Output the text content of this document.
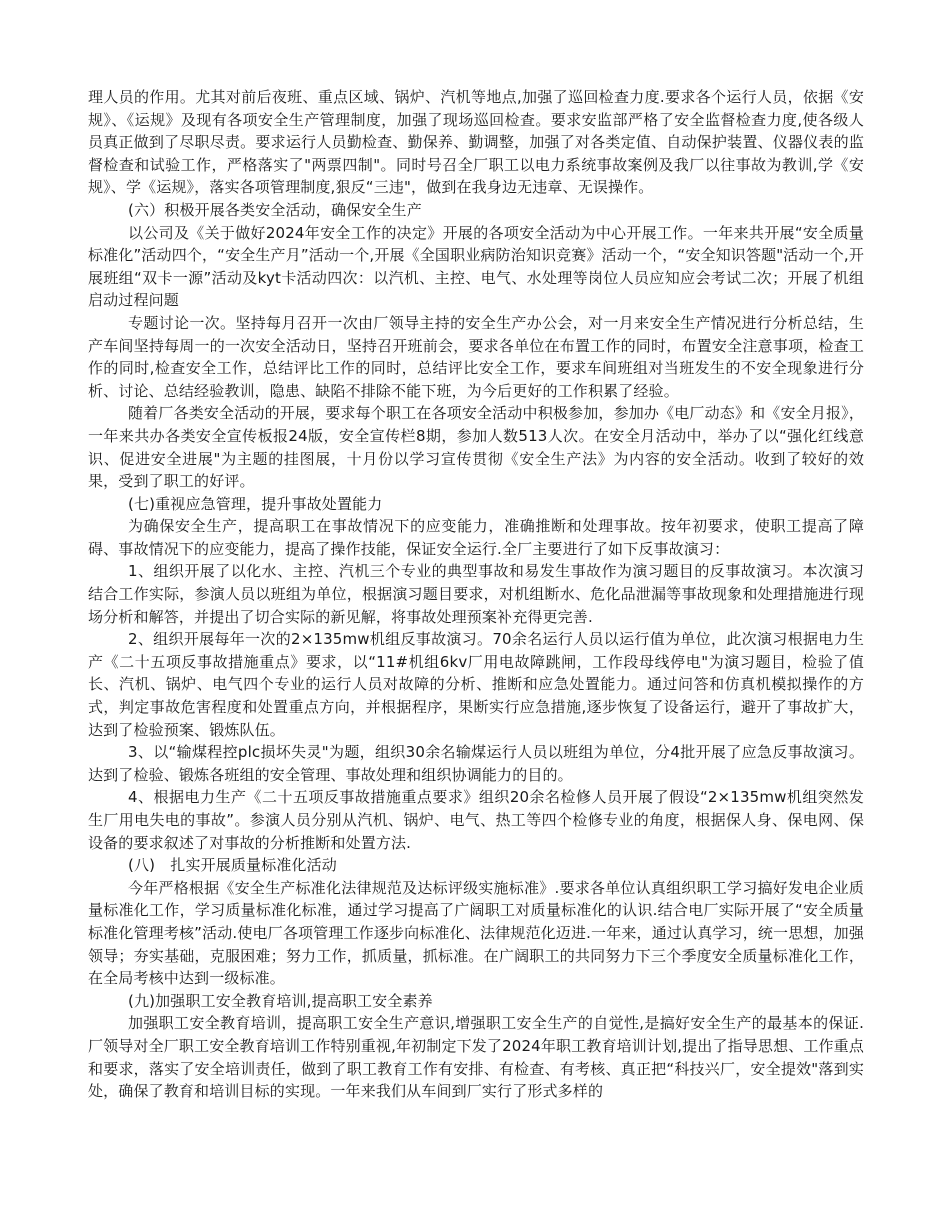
理人员的作用。尤其对前后夜班、重点区域、锅炉、汽机等地点,加强了巡回检查力度.要求各个运行人员，依据《安规》、《运规》及现有各项安全生产管理制度，加强了现场巡回检查。要求安监部严格了安全监督检查力度,使各级人员真正做到了尽职尽责。要求运行人员勤检查、勤保养、勤调整，加强了对各类定值、自动保护装置、仪器仪表的监督检查和试验工作，严格落实了"两票四制"。同时号召全厂职工以电力系统事故案例及我厂以往事故为教训,学《安规》、学《运规》，落实各项管理制度,狠反“三违"，做到在我身边无违章、无误操作。

(六）积极开展各类安全活动，确保安全生产

以公司及《关于做好2024年安全工作的决定》开展的各项安全活动为中心开展工作。一年来共开展“安全质量标准化”活动四个，“安全生产月”活动一个,开展《全国职业病防治知识竞赛》活动一个，“安全知识答题"活动一个,开展班组“双卡一源”活动及kyt卡活动四次：以汽机、主控、电气、水处理等岗位人员应知应会考试二次；开展了机组启动过程问题

专题讨论一次。坚持每月召开一次由厂领导主持的安全生产办公会，对一月来安全生产情况进行分析总结，生产车间坚持每周一的一次安全活动日，坚持召开班前会，要求各单位在布置工作的同时，布置安全注意事项，检查工作的同时,检查安全工作，总结评比工作的同时，总结评比安全工作，要求车间班组对当班发生的不安全现象进行分析、讨论、总结经验教训，隐患、缺陷不排除不能下班，为今后更好的工作积累了经验。

随着厂各类安全活动的开展，要求每个职工在各项安全活动中积极参加，参加办《电厂动态》和《安全月报》，一年来共办各类安全宣传板报24版，安全宣传栏8期，参加人数513人次。在安全月活动中，举办了以“强化红线意识、促进安全进展"为主题的挂图展，十月份以学习宣传贯彻《安全生产法》为内容的安全活动。收到了较好的效果，受到了职工的好评。

(七)重视应急管理，提升事故处置能力

为确保安全生产，提高职工在事故情况下的应变能力，准确推断和处理事故。按年初要求，使职工提高了障碍、事故情况下的应变能力，提高了操作技能，保证安全运行.全厂主要进行了如下反事故演习：

1、组织开展了以化水、主控、汽机三个专业的典型事故和易发生事故作为演习题目的反事故演习。本次演习结合工作实际，参演人员以班组为单位，根据演习题目要求，对机组断水、危化品泄漏等事故现象和处理措施进行现场分析和解答，并提出了切合实际的新见解，将事故处理预案补充得更完善.

2、组织开展每年一次的2×135mw机组反事故演习。70余名运行人员以运行值为单位，此次演习根据电力生产《二十五项反事故措施重点》要求，以“11#机组6kv厂用电故障跳闸，工作段母线停电"为演习题目，检验了值长、汽机、锅炉、电气四个专业的运行人员对故障的分析、推断和应急处置能力。通过问答和仿真机模拟操作的方式，判定事故危害程度和处置重点方向，并根据程序，果断实行应急措施,逐步恢复了设备运行，避开了事故扩大，达到了检验预案、锻炼队伍。

3、以“输煤程控plc损坏失灵"为题，组织30余名输煤运行人员以班组为单位，分4批开展了应急反事故演习。达到了检验、锻炼各班组的安全管理、事故处理和组织协调能力的目的。

4、根据电力生产《二十五项反事故措施重点要求》组织20余名检修人员开展了假设“2×135mw机组突然发生厂用电失电的事故”。参演人员分别从汽机、锅炉、电气、热工等四个检修专业的角度，根据保人身、保电网、保设备的要求叙述了对事故的分析推断和处置方法.

(八)　扎实开展质量标准化活动

今年严格根据《安全生产标准化法律规范及达标评级实施标准》.要求各单位认真组织职工学习搞好发电企业质量标准化工作，学习质量标准化标准，通过学习提高了广阔职工对质量标准化的认识.结合电厂实际开展了“安全质量标准化管理考核”活动.使电厂各项管理工作逐步向标准化、法律规范化迈进.一年来，通过认真学习，统一思想，加强领导；夯实基础，克服困难；努力工作，抓质量，抓标准。在广阔职工的共同努力下三个季度安全质量标准化工作，在全局考核中达到一级标准。

(九)加强职工安全教育培训,提高职工安全素养

加强职工安全教育培训，提高职工安全生产意识,增强职工安全生产的自觉性,是搞好安全生产的最基本的保证.厂领导对全厂职工安全教育培训工作特别重视,年初制定下发了2024年职工教育培训计划,提出了指导思想、工作重点和要求，落实了安全培训责任，做到了职工教育工作有安排、有检查、有考核、真正把“科技兴厂，安全提效"落到实处，确保了教育和培训目标的实现。一年来我们从车间到厂实行了形式多样的
